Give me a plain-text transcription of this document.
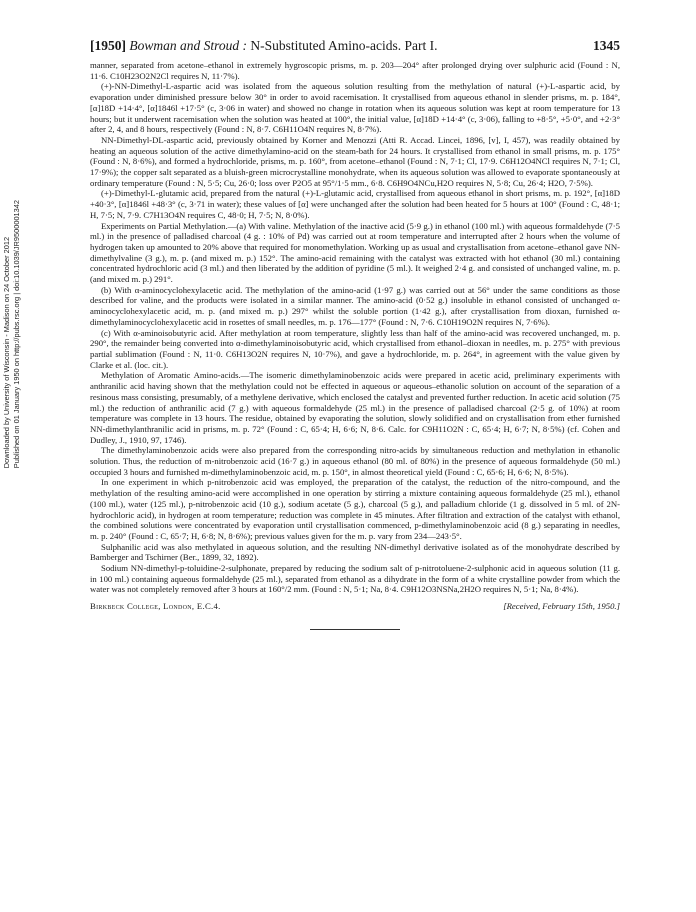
Downloaded by University of Wisconsin - Madison on 24 October 2012 Published on 01 January 1950 on http://pubs.rsc.org | doi:10.1039/JR9500001342
[1950] Bowman and Stroud : N-Substituted Amino-acids. Part I.	1345

manner, separated from acetone–ethanol in extremely hygroscopic prisms, m. p. 203—204° after prolonged drying over sulphuric acid (Found : N, 11·6. C10H23O2N2Cl requires N, 11·7%).

(+)-NN-Dimethyl-L-aspartic acid was isolated from the aqueous solution resulting from the methylation of natural (+)-L-aspartic acid, by evaporation under diminished pressure below 30° in order to avoid racemisation. It crystallised from aqueous ethanol in slender prisms, m. p. 184°, [α]18D +14·4°, [α]1846l +17·5° (c, 3·06 in water) and showed no change in rotation when its aqueous solution was kept at room temperature for 13 hours; but it underwent racemisation when the solution was heated at 100°, the initial value, [α]18D +14·4° (c, 3·06), falling to +8·5°, +5·0°, and +2·3° after 2, 4, and 8 hours, respectively (Found : N, 8·7. C6H11O4N requires N, 8·7%).

NN-Dimethyl-DL-aspartic acid, previously obtained by Korner and Menozzi (Atti R. Accad. Lincei, 1896, [v], I, 457), was readily obtained by heating an aqueous solution of the active dimethylamino-acid on the steam-bath for 24 hours. It crystallised from ethanol in small prisms, m. p. 175° (Found : N, 8·6%), and formed a hydrochloride, prisms, m. p. 160°, from acetone–ethanol (Found : N, 7·1; Cl, 17·9. C6H12O4NCl requires N, 7·1; Cl, 17·9%); the copper salt separated as a bluish-green microcrystalline monohydrate, when its aqueous solution was allowed to evaporate spontaneously at ordinary temperature (Found : N, 5·5; Cu, 26·0; loss over P2O5 at 95°/1·5 mm., 6·8. C6H9O4NCu,H2O requires N, 5·8; Cu, 26·4; H2O, 7·5%).

(+)-Dimethyl-L-glutamic acid, prepared from the natural (+)-L-glutamic acid, crystallised from aqueous ethanol in short prisms, m. p. 192°, [α]18D +40·3°, [α]1846l +48·3° (c, 3·71 in water); these values of [α] were unchanged after the solution had been heated for 5 hours at 100° (Found : C, 48·1; H, 7·5; N, 7·9. C7H13O4N requires C, 48·0; H, 7·5; N, 8·0%).

Experiments on Partial Methylation.—(a) With valine. Methylation of the inactive acid (5·9 g.) in ethanol (100 ml.) with aqueous formaldehyde (7·5 ml.) in the presence of palladised charcoal (4 g. : 10% of Pd) was carried out at room temperature and interrupted after 2 hours when the volume of hydrogen taken up amounted to 20% above that required for monomethylation. Working up as usual and crystallisation from acetone–ethanol gave NN-dimethylvaline (3 g.), m. p. (and mixed m. p.) 152°. The amino-acid remaining with the catalyst was extracted with hot ethanol (30 ml.) containing concentrated hydrochloric acid (3 ml.) and then liberated by the addition of pyridine (5 ml.). It weighed 2·4 g. and consisted of unchanged valine, m. p. (and mixed m. p.) 291°.

(b) With α-aminocyclohexylacetic acid. The methylation of the amino-acid (1·97 g.) was carried out at 56° under the same conditions as those described for valine, and the products were isolated in a similar manner. The amino-acid (0·52 g.) insoluble in ethanol consisted of unchanged α-aminocyclohexylacetic acid, m. p. (and mixed m. p.) 297° whilst the soluble portion (1·42 g.), after crystallisation from dioxan, furnished α-dimethylaminocyclohexylacetic acid in rosettes of small needles, m. p. 176—177° (Found : N, 7·6. C10H19O2N requires N, 7·6%).

(c) With α-aminoisobutyric acid. After methylation at room temperature, slightly less than half of the amino-acid was recovered unchanged, m. p. 290°, the remainder being converted into α-dimethylaminoisobutyric acid, which crystallised from ethanol–dioxan in needles, m. p. 275° with previous partial sublimation (Found : N, 11·0. C6H13O2N requires N, 10·7%), and gave a hydrochloride, m. p. 264°, in agreement with the value given by Clarke et al. (loc. cit.).

Methylation of Aromatic Amino-acids.—The isomeric dimethylaminobenzoic acids were prepared in acetic acid, preliminary experiments with anthranilic acid having shown that the methylation could not be effected in aqueous or aqueous–ethanolic solution on account of the separation of a resinous mass consisting, presumably, of a methylene derivative, which enclosed the catalyst and prevented further reduction. In acetic acid solution (75 ml.) the reduction of anthranilic acid (7 g.) with aqueous formaldehyde (25 ml.) in the presence of palladised charcoal (2·5 g. of 10%) at room temperature was complete in 13 hours. The residue, obtained by evaporating the solution, slowly solidified and on crystallisation from ether furnished NN-dimethylanthranilic acid in prisms, m. p. 72° (Found : C, 65·4; H, 6·6; N, 8·6. Calc. for C9H11O2N : C, 65·4; H, 6·7; N, 8·5%) (cf. Cohen and Dudley, J., 1910, 97, 1746).

The dimethylaminobenzoic acids were also prepared from the corresponding nitro-acids by simultaneous reduction and methylation in ethanolic solution. Thus, the reduction of m-nitrobenzoic acid (16·7 g.) in aqueous ethanol (80 ml. of 80%) in the presence of aqueous formaldehyde (50 ml.) occupied 3 hours and furnished m-dimethylaminobenzoic acid, m. p. 150°, in almost theoretical yield (Found : C, 65·6; H, 6·6; N, 8·5%).

In one experiment in which p-nitrobenzoic acid was employed, the preparation of the catalyst, the reduction of the nitro-compound, and the methylation of the resulting amino-acid were accomplished in one operation by stirring a mixture containing aqueous formaldehyde (25 ml.), ethanol (100 ml.), water (125 ml.), p-nitrobenzoic acid (10 g.), sodium acetate (5 g.), charcoal (5 g.), and palladium chloride (1 g. dissolved in 5 ml. of 2N-hydrochloric acid), in hydrogen at room temperature; reduction was complete in 45 minutes. After filtration and extraction of the catalyst with ethanol, the combined solutions were concentrated by evaporation until crystallisation commenced, p-dimethylaminobenzoic acid (8 g.) separating in needles, m. p. 240° (Found : C, 65·7; H, 6·8; N, 8·6%); previous values given for the m. p. vary from 234—243·5°.

Sulphanilic acid was also methylated in aqueous solution, and the resulting NN-dimethyl derivative isolated as of the monohydrate described by Bamberger and Tschirner (Ber., 1899, 32, 1892).

Sodium NN-dimethyl-p-toluidine-2-sulphonate, prepared by reducing the sodium salt of p-nitrotoluene-2-sulphonic acid in aqueous solution (11 g. in 100 ml.) containing aqueous formaldehyde (25 ml.), separated from ethanol as a dihydrate in the form of a white crystalline powder from which the water was not completely removed after 3 hours at 160°/2 mm. (Found : N, 5·1; Na, 8·4. C9H12O3NSNa,2H2O requires N, 5·1; Na, 8·4%).

Birkbeck College, London, E.C.4.	[Received, February 15th, 1950.]
